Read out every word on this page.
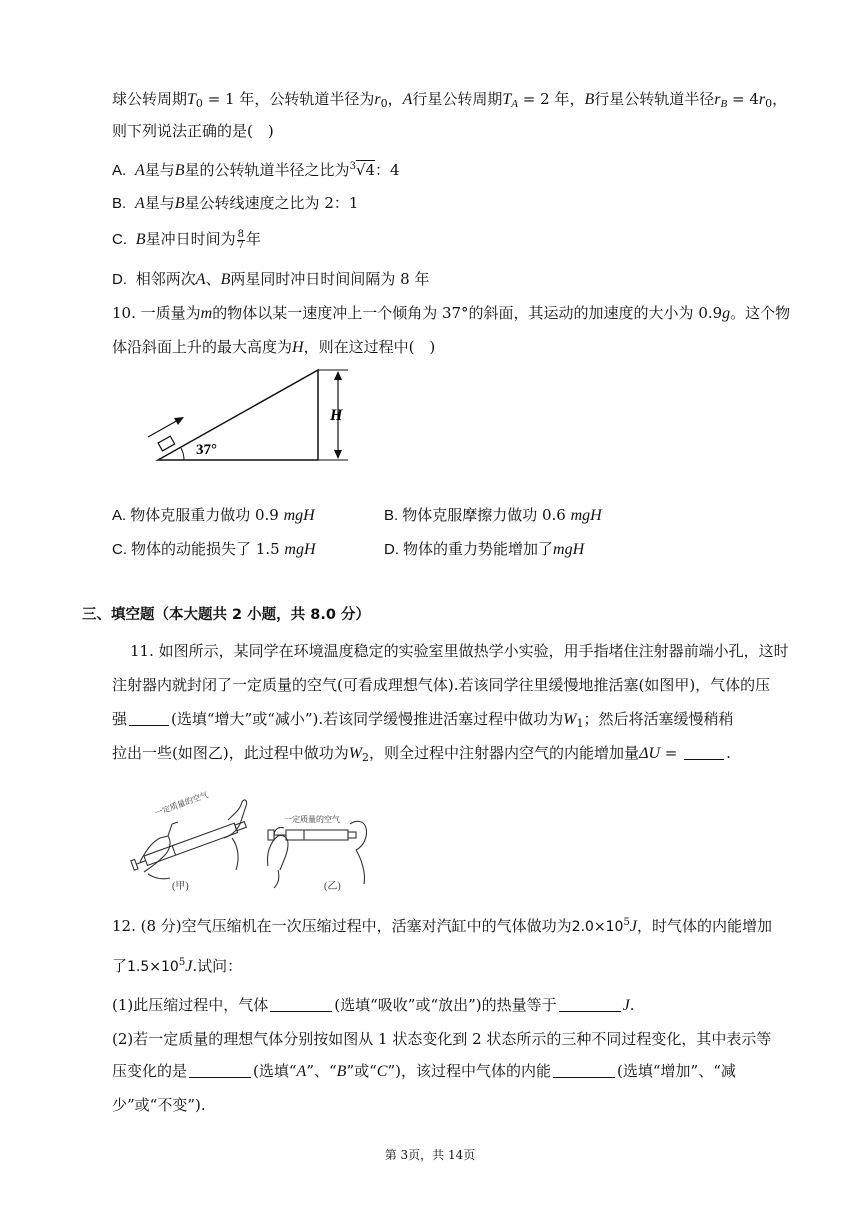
球公转周期$T_0 = 1$ 年，公转轨道半径为$r_0$，A行星公转周期$T_A = 2$ 年，B行星公转轨道半径$r_B = 4r_0$，
则下列说法正确的是(　)
A. A星与B星的公转轨道半径之比为$^3$√4：4
B. A星与B星公转线速度之比为 2：1
C. B星冲日时间为 $\frac{8}{7}$ 年
D. 相邻两次A、B两星同时冲日时间间隔为 8 年
10. 一质量为m的物体以某一速度冲上一个倾角为 37°的斜面，其运动的加速度的大小为 0.9g。这个物
体沿斜面上升的最大高度为H，则在这过程中(　)
H
37°
A. 物体克服重力做功 0.9 mgH	B. 物体克服摩擦力做功 0.6 mgH
C. 物体的动能损失了 1.5 mgH	D. 物体的重力势能增加了mgH
三、填空题（本大题共 2 小题，共 8.0 分）
11. 如图所示，某同学在环境温度稳定的实验室里做热学小实验，用手指堵住注射器前端小孔，这时
注射器内就封闭了一定质量的空气(可看成理想气体).若该同学往里缓慢地推活塞(如图甲)，气体的压
强	(选填“增大”或“减小”).若该同学缓慢推进活塞过程中做功为$W_1$；然后将活塞缓慢稍稍
拉出一些(如图乙)，此过程中做功为$W_2$，则全过程中注射器内空气的内能增加量ΔU =	.
一定质量的空气
(甲)
一定质量的空气
(乙)
12. (8 分)空气压缩机在一次压缩过程中，活塞对汽缸中的气体做功为$2.0\times 10^5J$，时气体的内能增加
了$1.5\times 10^5J$.试问：
(1)此压缩过程中，气体	(选填“吸收”或“放出”)的热量等于	J.
(2)若一定质量的理想气体分别按如图从 1 状态变化到 2 状态所示的三种不同过程变化，其中表示等
压变化的是	(选填“A”、“B”或“C”)，该过程中气体的内能	(选填“增加”、“减
少”或“不变”).
第 3页，共 14页
